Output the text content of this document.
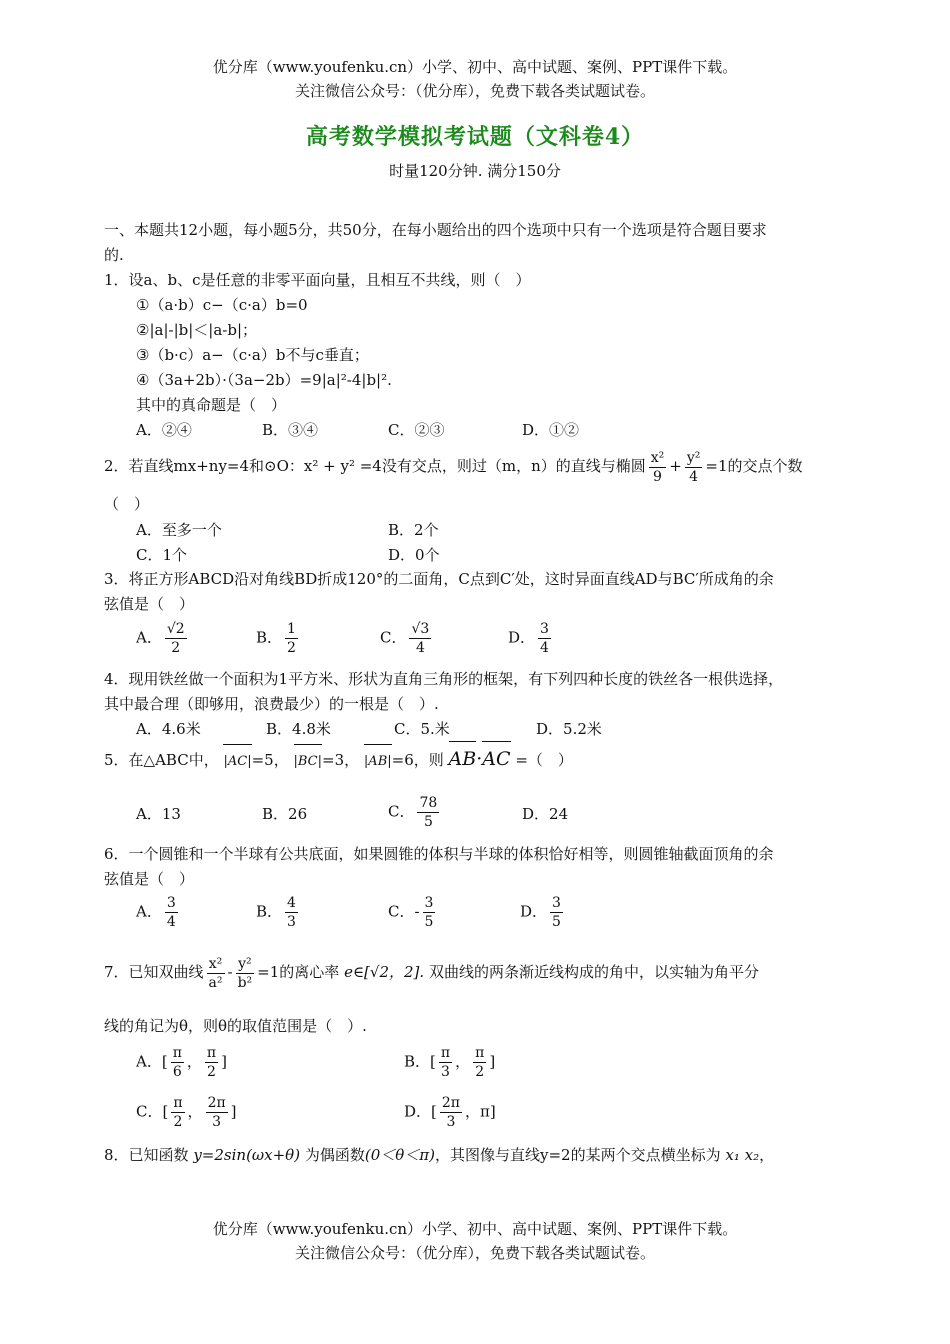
优分库（www.youfenku.cn）小学、初中、高中试题、案例、PPT课件下载。
关注微信公众号：（优分库），免费下载各类试题试卷。
高考数学模拟考试题（文科卷4）
时量120分钟. 满分150分
一、本题共12小题，每小题5分，共50分，在每小题给出的四个选项中只有一个选项是符合题目要求
的.
1．设a、b、c是任意的非零平面向量，且相互不共线，则（　）
①（a·b）c−（c·a）b=0
②|a|-|b|＜|a-b|；
③（b·c）a−（c·a）b不与c垂直；
④（3a+2b）·（3a−2b）=9|a|²-4|b|².
其中的真命题是（　）
A．②④	B．③④	C．②③	D．①②
2．若直线mx+ny=4和⊙O：x² + y² =4没有交点，则过（m，n）的直线与椭圆 $\frac{\text{x²}}{9} + \frac{\text{y²}}{4} =1$的交点个数
（　）
A．至多一个	B．2个
C．1个	D．0个
3．将正方形ABCD沿对角线BD折成120°的二面角，C点到C′处，这时异面直线AD与BC′所成角的余
弦值是（　）
A． $\frac{√2}{2}$	B． $\frac{1}{2}$	C． $\frac{√3}{4}$	D． $\frac{3}{4}$
4．现用铁丝做一个面积为1平方米、形状为直角三角形的框架，有下列四种长度的铁丝各一根供选择，
其中最合理（即够用，浪费最少）的一根是（　）.
A．4.6米	B．4.8米	C．5.米	D．5.2米
5．在△ABC中， |AC|=5， |BC|=3， |AB|=6，则 AB·AC =（　）
A．13	B．26	C． $\frac{78}{5}$	D．24
6．一个圆锥和一个半球有公共底面，如果圆锥的体积与半球的体积恰好相等，则圆锥轴截面顶角的余
弦值是（　）
A． $\frac{3}{4}$	B． $\frac{4}{3}$	C．- $\frac{3}{5}$	D． $\frac{3}{5}$
7．已知双曲线 $\frac{\text{x²}}{\text{a²}} - \frac{\text{y²}}{\text{b²}} =1$的离心率 e∈[√2，2]. 双曲线的两条渐近线构成的角中，以实轴为角平分
线的角记为θ，则θ的取值范围是（　）.
A．[ $\frac{\pi}{6}$ ， $\frac{\pi}{2}$ ]	B．[ $\frac{\pi}{3}$ ， $\frac{\pi}{2}$ ]
C．[ $\frac{\pi}{2}$ ， $\frac{2\pi}{3}$ ]	D．[ $\frac{2\pi}{3}$ ，π]
8．已知函数 y=2sin(ωx+θ) 为偶函数(0＜θ＜π)，其图像与直线y=2的某两个交点横坐标为 x₁ x₂，
优分库（www.youfenku.cn）小学、初中、高中试题、案例、PPT课件下载。
关注微信公众号：（优分库），免费下载各类试题试卷。
